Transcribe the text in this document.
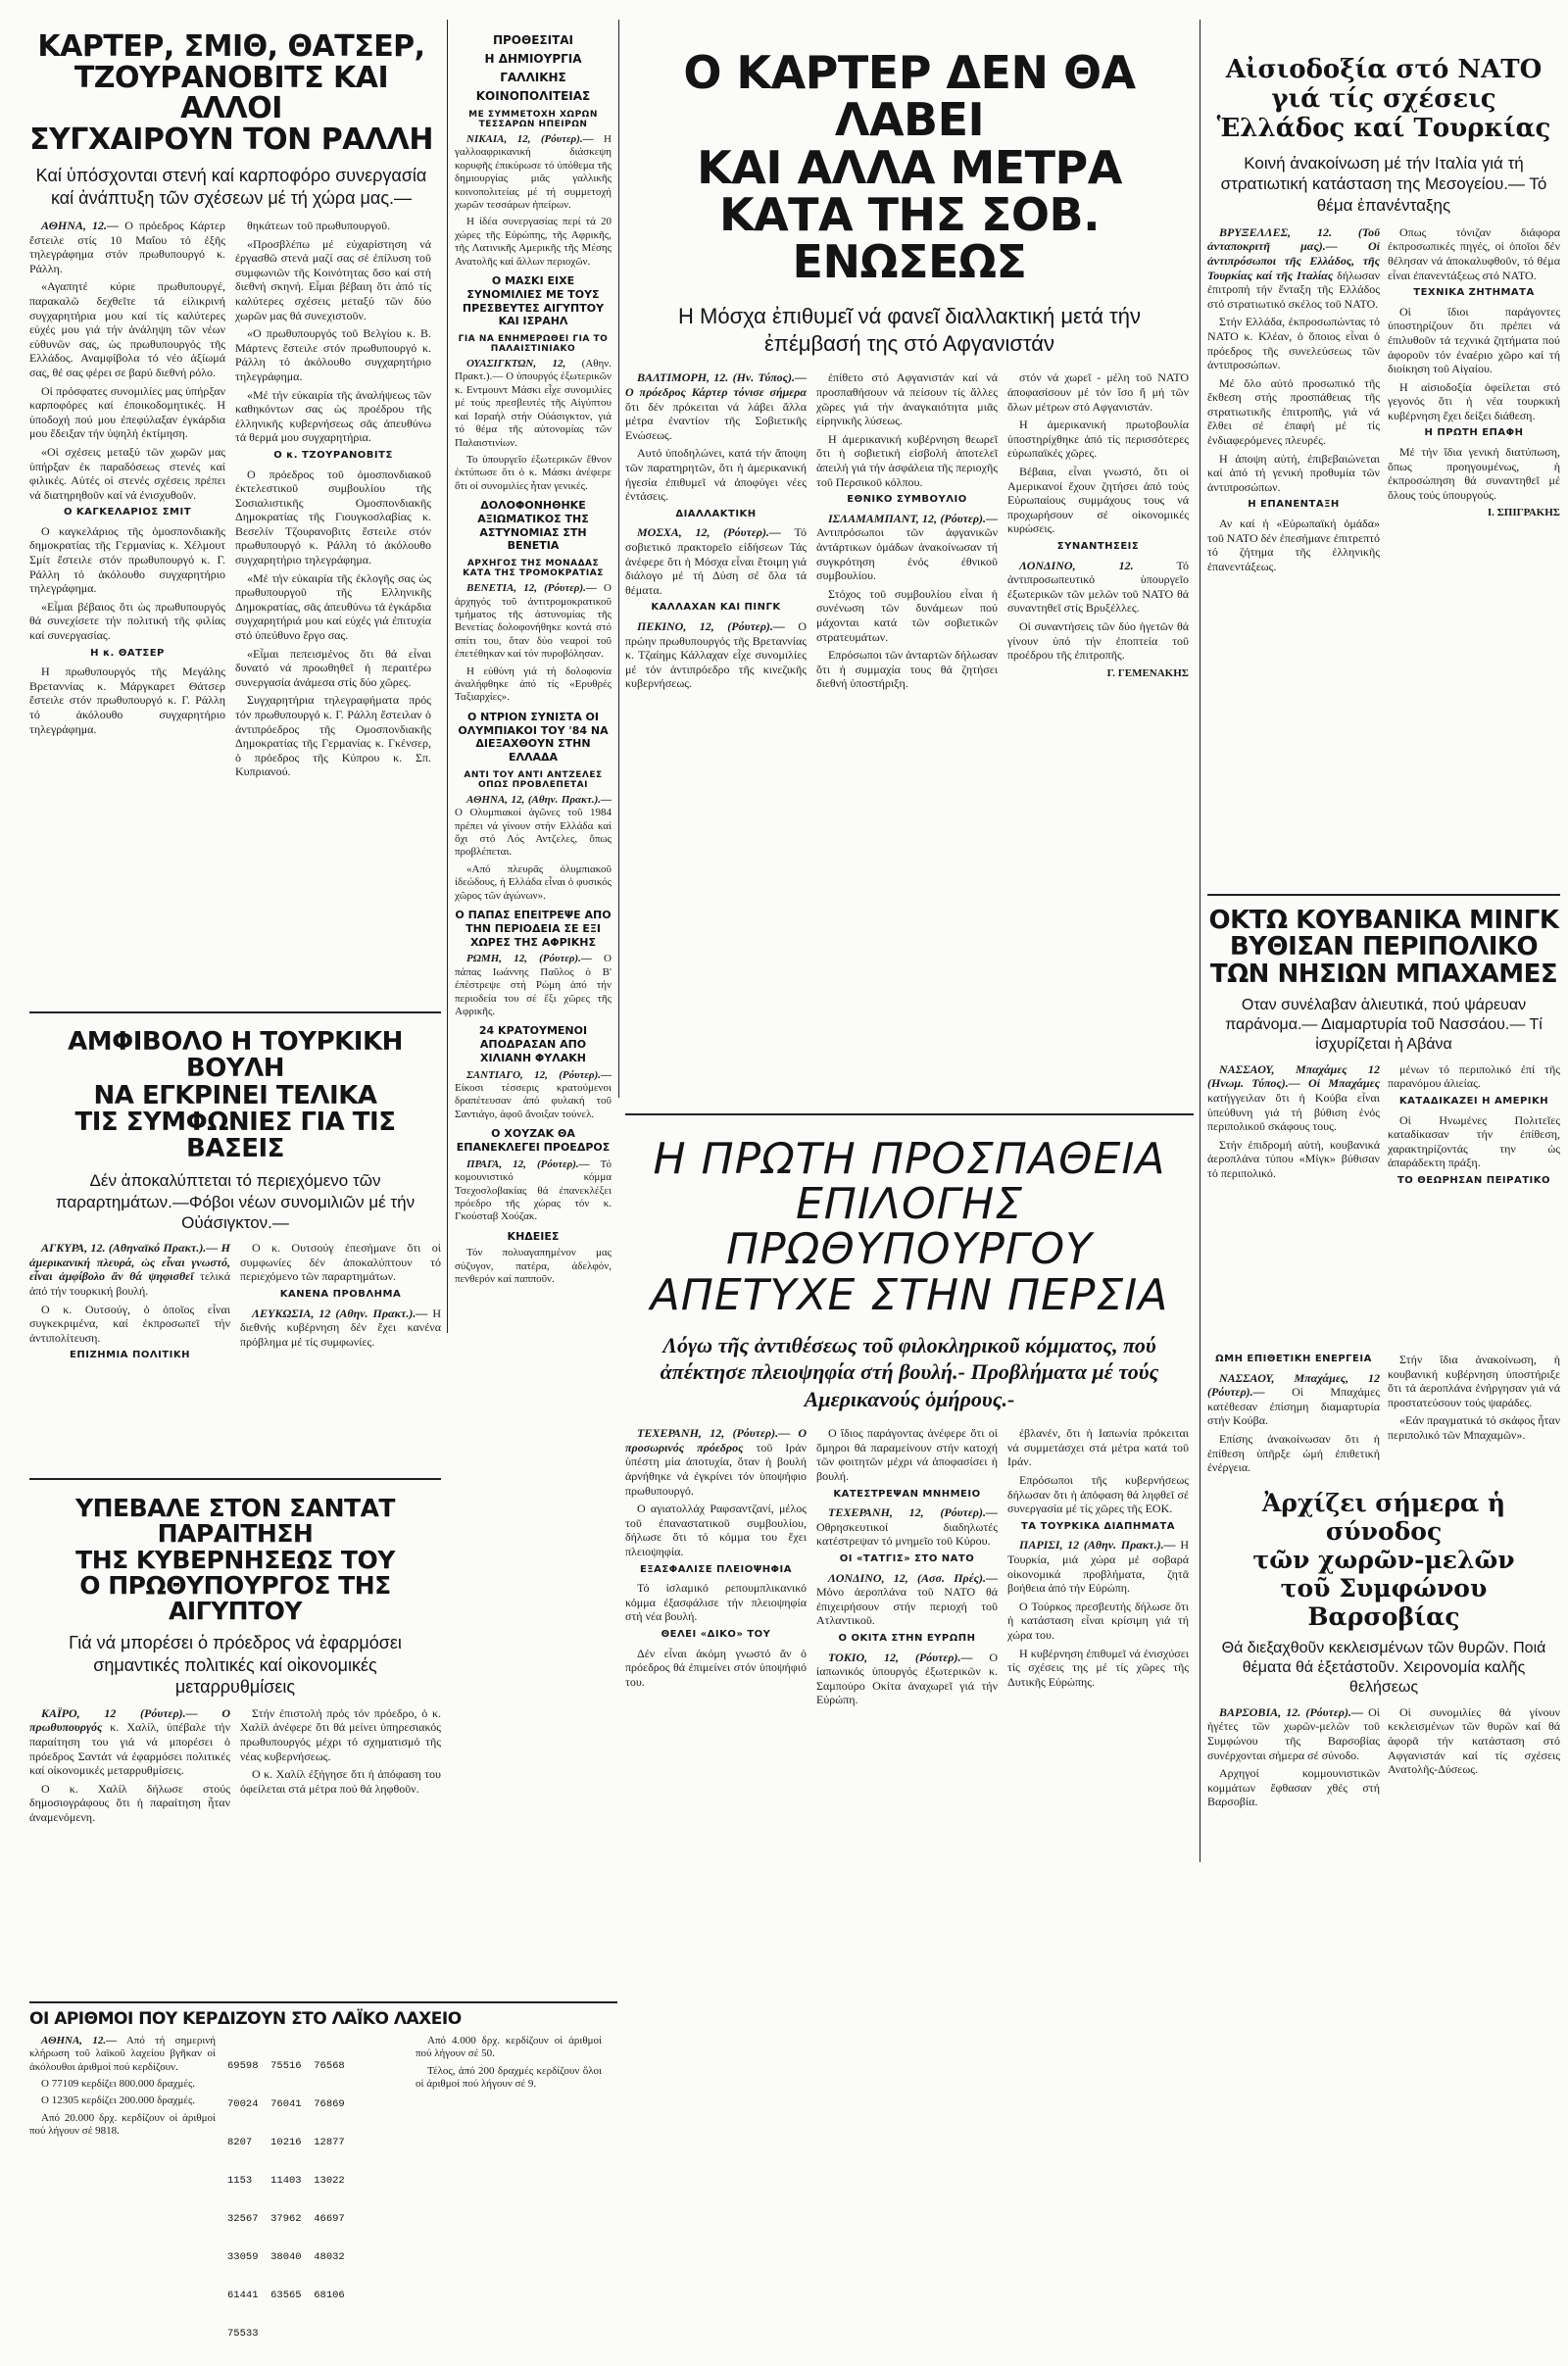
ΚΑΡΤΕΡ, ΣΜΙΘ, ΘΑΤΣΕΡ,
ΤΖΟΥΡΑΝΟΒΙΤΣ ΚΑΙ ΑΛΛΟΙ
ΣΥΓΧΑΙΡΟΥΝ ΤΟΝ ΡΑΛΛΗ
Καί ὑπόσχονται στενή καί καρποφόρο συνεργασία καί ἀνάπτυξη τῶν σχέσεων μέ τή χώρα μας.—

ΑΘΗΝΑ, 12.— Ο πρόεδρος Κάρτερ ἔστειλε στίς 10 Μαΐου τό ἑξῆς τηλεγράφημα στόν πρωθυπουργό κ. Ράλλη.

«Αγαπητέ κύριε πρωθυπουργέ, παρακαλῶ δεχθεῖτε τά εἰλικρινή συγχαρητήρια μου καί τίς καλύτερες εὐχές μου γιά τήν ἀνάληψη τῶν νέων εὐθυνῶν σας, ὡς πρωθυπουργός τῆς Ελλάδος. Αναμφίβολα τό νέο ἀξίωμά σας, θέ σας φέρει σε βαρύ διεθνή ρόλο.

Οἱ πρόσφατες συνομιλίες μας ὑπήρξαν καρποφόρες καί ἐποικοδομητικές. Η ὑποδοχή πού μου ἐπεφύλαξαν ἐγκάρδια μου ἔδειξαν τήν ὑψηλή ἐκτίμηση.

«Οἱ σχέσεις μεταξύ τῶν χωρῶν μας ὑπήρξαν ἐκ παραδόσεως στενές καί φιλικές. Αὐτές οἱ στενές σχέσεις πρέπει νά διατηρηθοῦν καί νά ἐνισχυθοῦν.

Ο ΚΑΓΚΕΛΑΡΙΟΣ ΣΜΙΤ

Ο καγκελάριος τῆς ὁμοσπονδιακῆς δημοκρατίας τῆς Γερμανίας κ. Χέλμουτ Σμίτ ἔστειλε στόν πρωθυπουργό κ. Γ. Ράλλη τό ἀκόλουθο συγχαρητήριο τηλεγράφημα.

«Εἶμαι βέβαιος ὅτι ὡς πρωθυπουργός θά συνεχίσετε τήν πολιτική τῆς φιλίας καί συνεργασίας.

Η κ. ΘΑΤΣΕΡ

Η πρωθυπουργός τῆς Μεγάλης Βρεταννίας κ. Μάργκαρετ Θάτσερ ἔστειλε στόν πρωθυπουργό κ. Γ. Ράλλη τό ἀκόλουθο συγχαρητήριο τηλεγράφημα.

θηκάτεων τοῦ πρωθυπουργοῦ.

«Προσβλέπω μέ εὐχαρίστηση νά ἐργασθῶ στενά μαζί σας σέ ἐπίλυση τοῦ συμφωνιῶν τῆς Κοινότητας ὅσο καί στή διεθνή σκηνή. Εἶμαι βέβαιη ὅτι ἀπό τίς καλύτερες σχέσεις μεταξύ τῶν δύο χωρῶν μας θά συνεχιστοῦν.

«Ο πρωθυπουργός τοῦ Βελγίου κ. Β. Μάρτενς ἔστειλε στόν πρωθυπουργό κ. Ράλλη τό ἀκόλουθο συγχαρητήριο τηλεγράφημα.

«Μέ τήν εὐκαιρία τῆς ἀναλήψεως τῶν καθηκόντων σας ὡς προέδρου τῆς ἑλληνικῆς κυβερνήσεως σᾶς ἀπευθύνω τά θερμά μου συγχαρητήρια.

Ο κ. ΤΖΟΥΡΑΝΟΒΙΤΣ

Ο πρόεδρος τοῦ ὁμοσπονδιακοῦ ἐκτελεστικοῦ συμβουλίου τῆς Σοσιαλιστικῆς Ομοσπονδιακῆς Δημοκρατίας τῆς Γιουγκοσλαβίας κ. Βεσελίν Τζουρανοβιτς ἔστειλε στόν πρωθυπουργό κ. Ράλλη τό ἀκόλουθο συγχαρητήριο τηλεγράφημα.

«Μέ τήν εὐκαιρία τῆς ἐκλογῆς σας ὡς πρωθυπουργοῦ τῆς Ελληνικῆς Δημοκρατίας, σᾶς ἀπευθύνω τά ἐγκάρδια συγχαρητήριά μου καί εὐχές γιά ἐπιτυχία στό ὑπεύθυνο ἔργο σας.

«Εἶμαι πεπεισμένος ὅτι θά εἶναι δυνατό νά προωθηθεῖ ἡ περαιτέρω συνεργασία ἀνάμεσα στίς δύο χῶρες.

Συγχαρητήρια τηλεγραφήματα πρός τόν πρωθυπουργό κ. Γ. Ράλλη ἔστειλαν ὁ ἀντιπρόεδρος τῆς Ομοσπονδιακῆς Δημοκρατίας τῆς Γερμανίας κ. Γκένσερ, ὁ πρόεδρος τῆς Κύπρου κ. Σπ. Κυπριανού.

ΠΡΟΘΕΣΙΤΑΙ
Η ΔΗΜΙΟΥΡΓΙΑ
ΓΑΛΛΙΚΗΣ
ΚΟΙΝΟΠΟΛΙΤΕΙΑΣ
ΜΕ ΣΥΜΜΕΤΟΧΗ ΧΩΡΩΝ ΤΕΣΣΑΡΩΝ ΗΠΕΙΡΩΝ

ΝΙΚΑΙΑ, 12, (Ρόυτερ).— Η γαλλοαφρικανική διάσκεψη κορυφῆς ἐπικύρωσε τό ὑπόθεμα τῆς δημιουργίας μιᾶς γαλλικῆς κοινοπολιτείας μέ τή συμμετοχή χωρῶν τεσσάρων ἠπείρων.

Η ἰδέα συνεργασίας περί τά 20 χώρες τῆς Εὐρώπης, τῆς Αφρικῆς, τῆς Λατινικῆς Αμερικῆς τῆς Μέσης Ανατολῆς καί ἄλλων περιοχῶν.

Ο ΜΑΣΚΙ ΕΙΧΕ ΣΥΝΟΜΙΛΙΕΣ ΜΕ ΤΟΥΣ ΠΡΕΣΒΕΥΤΕΣ ΑΙΓΥΠΤΟΥ ΚΑΙ ΙΣΡΑΗΛ
ΓΙΑ ΝΑ ΕΝΗΜΕΡΩΘΕΙ ΓΙΑ ΤΟ ΠΑΛΑΙΣΤΙΝΙΑΚΟ

ΟΥΑΣΙΓΚΤΩΝ, 12, (Αθην. Πρακτ.).— Ο ὑπουργός ἐξωτερικῶν κ. Εντμουντ Μάσκι εἶχε συνομιλίες μέ τούς πρεσβευτές τῆς Αἰγύπτου καί Ισραήλ στήν Οὐάσιγκτον, γιά τό θέμα τῆς αὐτονομίας τῶν Παλαιστινίων.

Το ὑπουργεῖο ἐξωτερικῶν ἔθνον ἐκτύπωσε ὅτι ὁ κ. Μάσκι ἀνέφερε ὅτι οἱ συνομιλίες ἦταν γενικές.

ΔΟΛΟΦΟΝΗΘΗΚΕ ΑΞΙΩΜΑΤΙΚΟΣ ΤΗΣ ΑΣΤΥΝΟΜΙΑΣ ΣΤΗ ΒΕΝΕΤΙΑ
ΑΡΧΗΓΟΣ ΤΗΣ ΜΟΝΑΔΑΣ ΚΑΤΑ ΤΗΣ ΤΡΟΜΟΚΡΑΤΙΑΣ

ΒΕΝΕΤΙΑ, 12, (Ρόυτερ).— Ο ἀρχηγός τοῦ ἀντιτρομοκρατικοῦ τμήματος τῆς ἀστυνομίας τῆς Βενετίας δολοφονήθηκε κοντά στό σπίτι του, ὅταν δύο νεαροί τοῦ ἐπετέθηκαν καί τόν πυροβόλησαν.

Η εὐθύνη γιά τή δολοφονία ἀναλήφθηκε ἀπό τίς «Ερυθρές Ταξιαρχίες».

Ο ΝΤΡΙΟΝ ΣΥΝΙΣΤΑ ΟΙ ΟΛΥΜΠΙΑΚΟΙ ΤΟΥ '84 ΝΑ ΔΙΕΞΑΧΘΟΥΝ ΣΤΗΝ ΕΛΛΑΔΑ
ΑΝΤΙ ΤΟΥ ΑΝΤΙ ΑΝΤΖΕΛΕΣ ΟΠΩΣ ΠΡΟΒΛΕΠΕΤΑΙ

ΑΘΗΝΑ, 12, (Αθην. Πρακτ.).— Ο Ολυμπιακοί ἀγῶνες τοῦ 1984 πρέπει νά γίνουν στήν Ελλάδα καί ὄχι στό Λός Αντζελες, ὅπως προβλέπεται.

«Από πλευρᾶς ὀλυμπιακοῦ ἰδεώδους, ἡ Ελλάδα εἶναι ὁ φυσικός χῶρος τῶν ἀγώνων».

Ο ΠΑΠΑΣ ΕΠΕΙΤΡΕΨΕ ΑΠΟ ΤΗΝ ΠΕΡΙΟΔΕΙΑ ΣΕ ΕΞΙ ΧΩΡΕΣ ΤΗΣ ΑΦΡΙΚΗΣ

ΡΩΜΗ, 12, (Ρόυτερ).— Ο πάπας Ιωάννης Παῦλος ὁ Β' ἐπέστρεψε στή Ρώμη ἀπό τήν περιοδεία του σέ ἕξι χῶρες τῆς Αφρικῆς.

24 ΚΡΑΤΟΥΜΕΝΟΙ ΑΠΟΔΡΑΣΑΝ ΑΠΟ ΧΙΛΙΑΝΗ ΦΥΛΑΚΗ

ΣΑΝΤΙΑΓΟ, 12, (Ρόυτερ).— Είκοσι τέσσερις κρατούμενοι δραπέτευσαν ἀπό φυλακή τοῦ Σαντιάγο, ἀφοῦ ἄνοιξαν τούνελ.

Ο ΧΟΥΖΑΚ ΘΑ ΕΠΑΝΕΚΛΕΓΕΙ ΠΡΟΕΔΡΟΣ

ΠΡΑΓΑ, 12, (Ρόυτερ).— Τό κομουνιστικό κόμμα Τσεχοσλοβακίας θά ἐπανεκλέξει πρόεδρο τῆς χώρας τόν κ. Γκούσταβ Χούζακ.

ΚΗΔΕΙΕΣ

Τόν πολυαγαπημένον μας σύζυγον, πατέρα, ἀδελφόν, πενθερόν καί παπποῦν.

Ο ΚΑΡΤΕΡ ΔΕΝ ΘΑ ΛΑΒΕΙ
ΚΑΙ ΑΛΛΑ ΜΕΤΡΑ
ΚΑΤΑ ΤΗΣ ΣΟΒ. ΕΝΩΣΕΩΣ
Η Μόσχα ἐπιθυμεῖ νά φανεῖ διαλλακτική μετά τήν ἐπέμβασή της στό Αφγανιστάν

ΒΑΛΤΙΜΟΡΗ, 12. (Ην. Τύπος).— Ο πρόεδρος Κάρτερ τόνισε σήμερα ὅτι δέν πρόκειται νά λάβει ἄλλα μέτρα ἐναντίον τῆς Σοβιετικῆς Ενώσεως.

Αυτό ὑποδηλώνει, κατά τήν ἄποψη τῶν παρατηρητῶν, ὅτι ἡ ἀμερικανική ἡγεσία ἐπιθυμεῖ νά ἀποφύγει νέες ἐντάσεις.

ΔΙΑΛΛΑΚΤΙΚΗ

ΜΟΣΧΑ, 12, (Ρόυτερ).— Τό σοβιετικό πρακτορεῖο εἰδήσεων Τάς ἀνέφερε ὅτι ἡ Μόσχα εἶναι ἕτοιμη γιά διάλογο μέ τή Δύση σέ ὅλα τά θέματα.

ΚΑΛΛΑΧΑΝ ΚΑΙ ΠΙΝΓΚ

ΠΕΚΙΝΟ, 12, (Ρόυτερ).— Ο πρώην πρωθυπουργός τῆς Βρεταννίας κ. Τζαίημς Κάλλαχαν εἶχε συνομιλίες μέ τόν ἀντιπρόεδρο τῆς κινεζικῆς κυβερνήσεως.

ἐπίθετο στό Αφγανιστάν καί νά προσπαθήσουν νά πείσουν τίς ἄλλες χῶρες γιά τήν ἀναγκαιότητα μιᾶς εἰρηνικῆς λύσεως.

Η ἀμερικανική κυβέρνηση θεωρεῖ ὅτι ἡ σοβιετική εἰσβολή ἀποτελεῖ ἀπειλή γιά τήν ἀσφάλεια τῆς περιοχῆς τοῦ Περσικοῦ κόλπου.

ΕΘΝΙΚΟ ΣΥΜΒΟΥΛΙΟ

ΙΣΛΑΜΑΜΠΑΝΤ, 12, (Ρόυτερ).— Αντιπρόσωποι τῶν ἀφγανικῶν ἀντάρτικων ὁμάδων ἀνακοίνωσαν τή συγκρότηση ἑνός ἐθνικοῦ συμβουλίου.

Στόχος τοῦ συμβουλίου εἶναι ἡ συνένωση τῶν δυνάμεων πού μάχονται κατά τῶν σοβιετικῶν στρατευμάτων.

Επρόσωποι τῶν ἀνταρτῶν δήλωσαν ὅτι ἡ συμμαχία τους θά ζητήσει διεθνή ὑποστήριξη.

στόν νά χωρεῖ - μέλη τοῦ ΝΑΤΟ ἀποφασίσουν μέ τόν ἴσο ἤ μή τῶν ὅλων μέτρων στό Αφγανιστάν.

Η ἀμερικανική πρωτοβουλία ὑποστηρίχθηκε ἀπό τίς περισσότερες εὐρωπαϊκές χῶρες.

Βέβαια, εἶναι γνωστό, ὅτι οἱ Αμερικανοί ἔχουν ζητήσει ἀπό τούς Εὐρωπαίους συμμάχους τους νά προχωρήσουν σέ οἰκονομικές κυρώσεις.

ΣΥΝΑΝΤΗΣΕΙΣ

ΛΟΝΔΙΝΟ, 12. Τό ἀντιπροσωπευτικό ὑπουργεῖο ἐξωτερικῶν τῶν μελῶν τοῦ ΝΑΤΟ θά συναντηθεῖ στίς Βρυξέλλες.

Οἱ συναντήσεις τῶν δύο ἡγετῶν θά γίνουν ὑπό τήν ἐποπτεία τοῦ προέδρου τῆς ἐπιτροπῆς.

Γ. ΓΕΜΕΝΑΚΗΣ

Αἰσιοδοξία στό ΝΑΤΟ
γιά τίς σχέσεις
Ἑλλάδος καί Τουρκίας
Κοινή ἀνακοίνωση μέ τήν Ιταλία γιά τή στρατιωτική κατάσταση της Μεσογείου.— Τό θέμα ἐπανένταξης

ΒΡΥΞΕΛΛΕΣ, 12. (Τοῦ ἀνταποκριτῆ μας).— Οἱ ἀντιπρόσωποι τῆς Ελλάδος, τῆς Τουρκίας καί τῆς Ιταλίας δήλωσαν ἐπιτροπή τήν ἔνταξη τῆς Ελλάδος στό στρατιωτικό σκέλος τοῦ NATO.

Στήν Ελλάδα, ἐκπροσωπώντας τό ΝΑΤΟ κ. Κλέαν, ὁ ὅποιος εἶναι ὁ πρόεδρος τῆς συνελεύσεως τῶν ἀντιπροσώπων.

Μέ ὅλο αὐτό προσωπικό τῆς ἔκθεση στής προσπάθειας τῆς στρατιωτικῆς ἐπιτροπῆς, γιά νά ἔλθει σέ ἐπαφή μέ τίς ἐνδιαφερόμενες πλευρές.

Η ἀποψη αὐτή, ἐπιβεβαιώνεται καί ἀπό τή γενική προθυμία τῶν ἀντιπροσώπων.

Η ΕΠΑΝΕΝΤΑΞΗ

Αν καί ἡ «Εὐρωπαϊκή ὁμάδα» τοῦ ΝΑΤΟ δέν ἐπεσήμανε ἐπιτρεπτό τό ζήτημα τῆς ἑλληνικῆς ἐπανεντάξεως.

Οπως τόνιζαν διάφορα ἐκπροσωπικές πηγές, οἱ ὁποῖοι δέν θέλησαν νά ἀποκαλυφθοῦν, τό θέμα εἶναι ἐπανεντάξεως στό ΝΑΤΟ.

ΤΕΧΝΙΚΑ ΖΗΤΗΜΑΤΑ

Οἱ ἴδιοι παράγοντες ὑποστηρίζουν ὅτι πρέπει νά ἐπιλυθοῦν τά τεχνικά ζητήματα πού ἀφοροῦν τόν ἐναέριο χῶρο καί τή διοίκηση τοῦ Αἰγαίου.

Η αἰσιοδοξία ὀφείλεται στό γεγονός ὅτι ἡ νέα τουρκική κυβέρνηση ἔχει δείξει διάθεση.

Η ΠΡΩΤΗ ΕΠΑΦΗ

Μέ τήν ἴδια γενική διατύπωση, ὅπως προηγουμένως, ἡ ἐκπροσώπηση θά συναντηθεῖ μέ ὅλους τούς ὑπουργούς.

Ι. ΣΠΙΓΡΑΚΗΣ

ΟΚΤΩ ΚΟΥΒΑΝΙΚΑ ΜΙΝΓΚ
ΒΥΘΙΣΑΝ ΠΕΡΙΠΟΛΙΚΟ
ΤΩΝ ΝΗΣΙΩΝ ΜΠΑΧΑΜΕΣ
Οταν συνέλαβαν ἁλιευτικά, πού ψάρευαν παράνομα.— Διαμαρτυρία τοῦ Νασσάου.— Τί ἰσχυρίζεται ἡ Αβάνα

ΝΑΣΣΑΟΥ, Μπαχάμες 12 (Ηνωμ. Τύπος).— Οἱ Μπαχάμες κατήγγειλαν ὅτι ἡ Κούβα εἶναι ὑπεύθυνη γιά τή βύθιση ἑνός περιπολικοῦ σκάφους τους.

Στήν ἐπιδρομή αὐτή, κουβανικά ἀεροπλάνα τύπου «Μίγκ» βύθισαν τό περιπολικό.

μένων τό περιπολικό ἐπί τῆς παρανόμου ἁλιείας.

ΚΑΤΑΔΙΚΑΖΕΙ Η ΑΜΕΡΙΚΗ

Οἱ Ηνωμένες Πολιτεῖες καταδίκασαν τήν ἐπίθεση, χαρακτηρίζοντάς την ὡς ἀπαράδεκτη πράξη.

ΤΟ ΘΕΩΡΗΣΑΝ ΠΕΙΡΑΤΙΚΟ

ΩΜΗ ΕΠΙΘΕΤΙΚΗ ΕΝΕΡΓΕΙΑ

ΝΑΣΣΑΟΥ, Μπαχάμες, 12 (Ρόυτερ).— Οἱ Μπαχάμες κατέθεσαν ἐπίσημη διαμαρτυρία στήν Κούβα.

Επίσης ἀνακοίνωσαν ὅτι ἡ ἐπίθεση ὑπῆρξε ὠμή ἐπιθετική ἐνέργεια.

Στήν ἴδια ἀνακοίνωση, ἡ κουβανική κυβέρνηση ὑποστήριξε ὅτι τά ἀεροπλάνα ἐνήργησαν γιά νά προστατεύσουν τούς ψαράδες.

«Εάν πραγματικά τό σκάφος ἦταν περιπολικό τῶν Μπαχαμῶν».

Ἀρχίζει σήμερα ἡ σύνοδος
τῶν χωρῶν-μελῶν
τοῦ Συμφώνου Βαρσοβίας
Θά διεξαχθοῦν κεκλεισμένων τῶν θυρῶν. Ποιά θέματα θά ἐξετάστοῦν. Χειρονομία καλῆς θελήσεως

ΒΑΡΣΟΒΙΑ, 12. (Ρόυτερ).— Οἱ ἡγέτες τῶν χωρῶν-μελῶν τοῦ Συμφώνου τῆς Βαρσοβίας συνέρχονται σήμερα σέ σύνοδο.

Αρχηγοί κομμουνιστικῶν κομμάτων ἔφθασαν χθές στή Βαρσοβία.

Οἱ συνομιλίες θά γίνουν κεκλεισμένων τῶν θυρῶν καί θά ἀφορᾶ τήν κατάσταση στό Αφγανιστάν καί τίς σχέσεις Ανατολῆς-Δύσεως.

ΑΜΦΙΒΟΛΟ Η ΤΟΥΡΚΙΚΗ ΒΟΥΛΗ
ΝΑ ΕΓΚΡΙΝΕΙ ΤΕΛΙΚΑ
ΤΙΣ ΣΥΜΦΩΝΙΕΣ ΓΙΑ ΤΙΣ ΒΑΣΕΙΣ
Δέν ἀποκαλύπτεται τό περιεχόμενο τῶν παραρτημάτων.—Φόβοι νέων συνομιλιῶν μέ τήν Οὐάσιγκτον.—

ΑΓΚΥΡΑ, 12. (Αθηναϊκό Πρακτ.).— Η ἀμερικανική πλευρά, ὡς εἶναι γνωστό, εἶναι ἀμφίβολο ἄν θά ψηφισθεῖ τελικά ἀπό τήν τουρκική βουλή.

Ο κ. Ουτσούγ, ὁ ὁποῖος εἶναι συγκεκριμένα, καί ἐκπροσωπεῖ τήν ἀντιπολίτευση.

ΕΠΙΖΗΜΙΑ ΠΟΛΙΤΙΚΗ

Ο κ. Ουτσούγ ἐπεσήμανε ὅτι οἱ συμφωνίες δέν ἀποκαλύπτουν τό περιεχόμενο τῶν παραρτημάτων.

ΚΑΝΕΝΑ ΠΡΟΒΛΗΜΑ

ΛΕΥΚΩΣΙΑ, 12 (Αθην. Πρακτ.).— Η διεθνής κυβέρνηση δέν ἔχει κανένα πρόβλημα μέ τίς συμφωνίες.

ΥΠΕΒΑΛΕ ΣΤΟΝ ΣΑΝΤΑΤ ΠΑΡΑΙΤΗΣΗ
ΤΗΣ ΚΥΒΕΡΝΗΣΕΩΣ ΤΟΥ
Ο ΠΡΩΘΥΠΟΥΡΓΟΣ ΤΗΣ ΑΙΓΥΠΤΟΥ
Γιά νά μπορέσει ὁ πρόεδρος νά ἐφαρμόσει σημαντικές πολιτικές καί οἰκονομικές μεταρρυθμίσεις

ΚΑΪΡΟ, 12 (Ρόυτερ).— Ο πρωθυπουργός κ. Χαλίλ, ὑπέβαλε τήν παραίτηση του γιά νά μπορέσει ὁ πρόεδρος Σαντάτ νά ἐφαρμόσει πολιτικές καί οἰκονομικές μεταρρυθμίσεις.

Ο κ. Χαλίλ δήλωσε στούς δημοσιογράφους ὅτι ἡ παραίτηση ἦταν ἀναμενόμενη.

Στήν ἐπιστολή πρός τόν πρόεδρο, ὁ κ. Χαλίλ ἀνέφερε ὅτι θά μείνει ὑπηρεσιακός πρωθυπουργός μέχρι τό σχηματισμό τῆς νέας κυβερνήσεως.

Ο κ. Χαλίλ ἐξήγησε ὅτι ἡ ἀπόφαση του ὀφείλεται στά μέτρα πού θά ληφθοῦν.

ΟΙ ΑΡΙΘΜΟΙ ΠΟΥ ΚΕΡΔΙΖΟΥΝ ΣΤΟ ΛΑΪΚΟ ΛΑΧΕΙΟ

ΑΘΗΝΑ, 12.— Από τή σημερινή κλήρωση τοῦ λαϊκοῦ λαχείου βγῆκαν οἱ ἀκόλουθοι ἀριθμοί πού κερδίζουν.

Ο 77109 κερδίζει 800.000 δραχμές.

Ο 12305 κερδίζει 200.000 δραχμές.

Από 20.000 δρχ. κερδίζουν οἱ ἀριθμοί πού λήγουν σέ 9818.

69598  75516  76568

70024  76041  76869

8207   10216  12877

1153   11403  13022

32567  37962  46697

33059  38040  48032

61441  63565  68106

75533

Από 4.000 δρχ. κερδίζουν οἱ ἀριθμοί πού λήγουν σέ 50.

Τέλος, ἀπό 200 δραχμές κερδίζουν ὅλοι οἱ ἀριθμοί πού λήγουν σέ 9.

Η ΠΡΩΤΗ ΠΡΟΣΠΑΘΕΙΑ
ΕΠΙΛΟΓΗΣ ΠΡΩΘΥΠΟΥΡΓΟΥ
ΑΠΕΤΥΧΕ ΣΤΗΝ ΠΕΡΣΙΑ
Λόγω τῆς ἀντιθέσεως τοῦ φιλοκληρικοῦ κόμματος, πού ἀπέκτησε πλειοψηφία στή βουλή.- Προβλήματα μέ τούς Αμερικανούς ὁμήρους.-

ΤΕΧΕΡΑΝΗ, 12, (Ρόυτερ).— Ο προσωρινός πρόεδρος τοῦ Ιράν ὑπέστη μία ἀποτυχία, ὅταν ἡ βουλή ἀρνήθηκε νά ἐγκρίνει τόν ὑποψήφιο πρωθυπουργό.

Ο αγιατολλάχ Ραφσαντζανί, μέλος τοῦ ἐπαναστατικοῦ συμβουλίου, δήλωσε ὅτι τό κόμμα του ἔχει πλειοψηφία.

ΕΞΑΣΦΑΛΙΣΕ ΠΛΕΙΟΨΗΦΙΑ

Τό ἰσλαμικό ρεπουμπλικανικό κόμμα ἐξασφάλισε τήν πλειοψηφία στή νέα βουλή.

ΘΕΛΕΙ «ΔΙΚΟ» ΤΟΥ

Δέν εἶναι ἀκόμη γνωστό ἄν ὁ πρόεδρος θά ἐπιμείνει στόν ὑποψήφιό του.

Ο ἴδιος παράγοντας ἀνέφερε ὅτι οἱ ὅμηροι θά παραμείνουν στήν κατοχή τῶν φοιτητῶν μέχρι νά ἀποφασίσει ἡ βουλή.

ΚΑΤΕΣΤΡΕΨΑΝ ΜΝΗΜΕΙΟ

ΤΕΧΕΡΑΝΗ, 12, (Ρόυτερ).— Οθρησκευτικοί διαδηλωτές κατέστρεψαν τό μνημεῖο τοῦ Κύρου.

ΟΙ «ΤΑΤΓΙΣ» ΣΤΟ ΝΑΤΟ

ΛΟΝΔΙΝΟ, 12, (Ασσ. Πρές).— Μόνο ἀεροπλάνα τοῦ ΝΑΤΟ θά ἐπιχειρήσουν στήν περιοχή τοῦ Ατλαντικοῦ.

Ο ΟΚΙΤΑ ΣΤΗΝ ΕΥΡΩΠΗ

ΤΟΚΙΟ, 12, (Ρόυτερ).— Ο ἰαπωνικός ὑπουργός ἐξωτερικῶν κ. Σαμπούρο Οκίτα ἀναχωρεῖ γιά τήν Εὐρώπη.

ἐβλανέν, ὅτι ἡ Ιαπωνία πρόκειται νά συμμετάσχει στά μέτρα κατά τοῦ Ιράν.

Επρόσωποι τῆς κυβερνήσεως δήλωσαν ὅτι ἡ ἀπόφαση θά ληφθεῖ σέ συνεργασία μέ τίς χῶρες τῆς ΕΟΚ.

ΤΑ ΤΟΥΡΚΙΚΑ ΔΙΑΠΗΜΑΤΑ

ΠΑΡΙΣΙ, 12 (Αθην. Πρακτ.).— Η Τουρκία, μιά χώρα μέ σοβαρά οἰκονομικά προβλήματα, ζητᾶ βοήθεια ἀπό τήν Εὐρώπη.

Ο Τούρκος πρεσβευτής δήλωσε ὅτι ἡ κατάσταση εἶναι κρίσιμη γιά τή χώρα του.

Η κυβέρνηση ἐπιθυμεῖ νά ἐνισχύσει τίς σχέσεις της μέ τίς χῶρες τῆς Δυτικῆς Εὐρώπης.
